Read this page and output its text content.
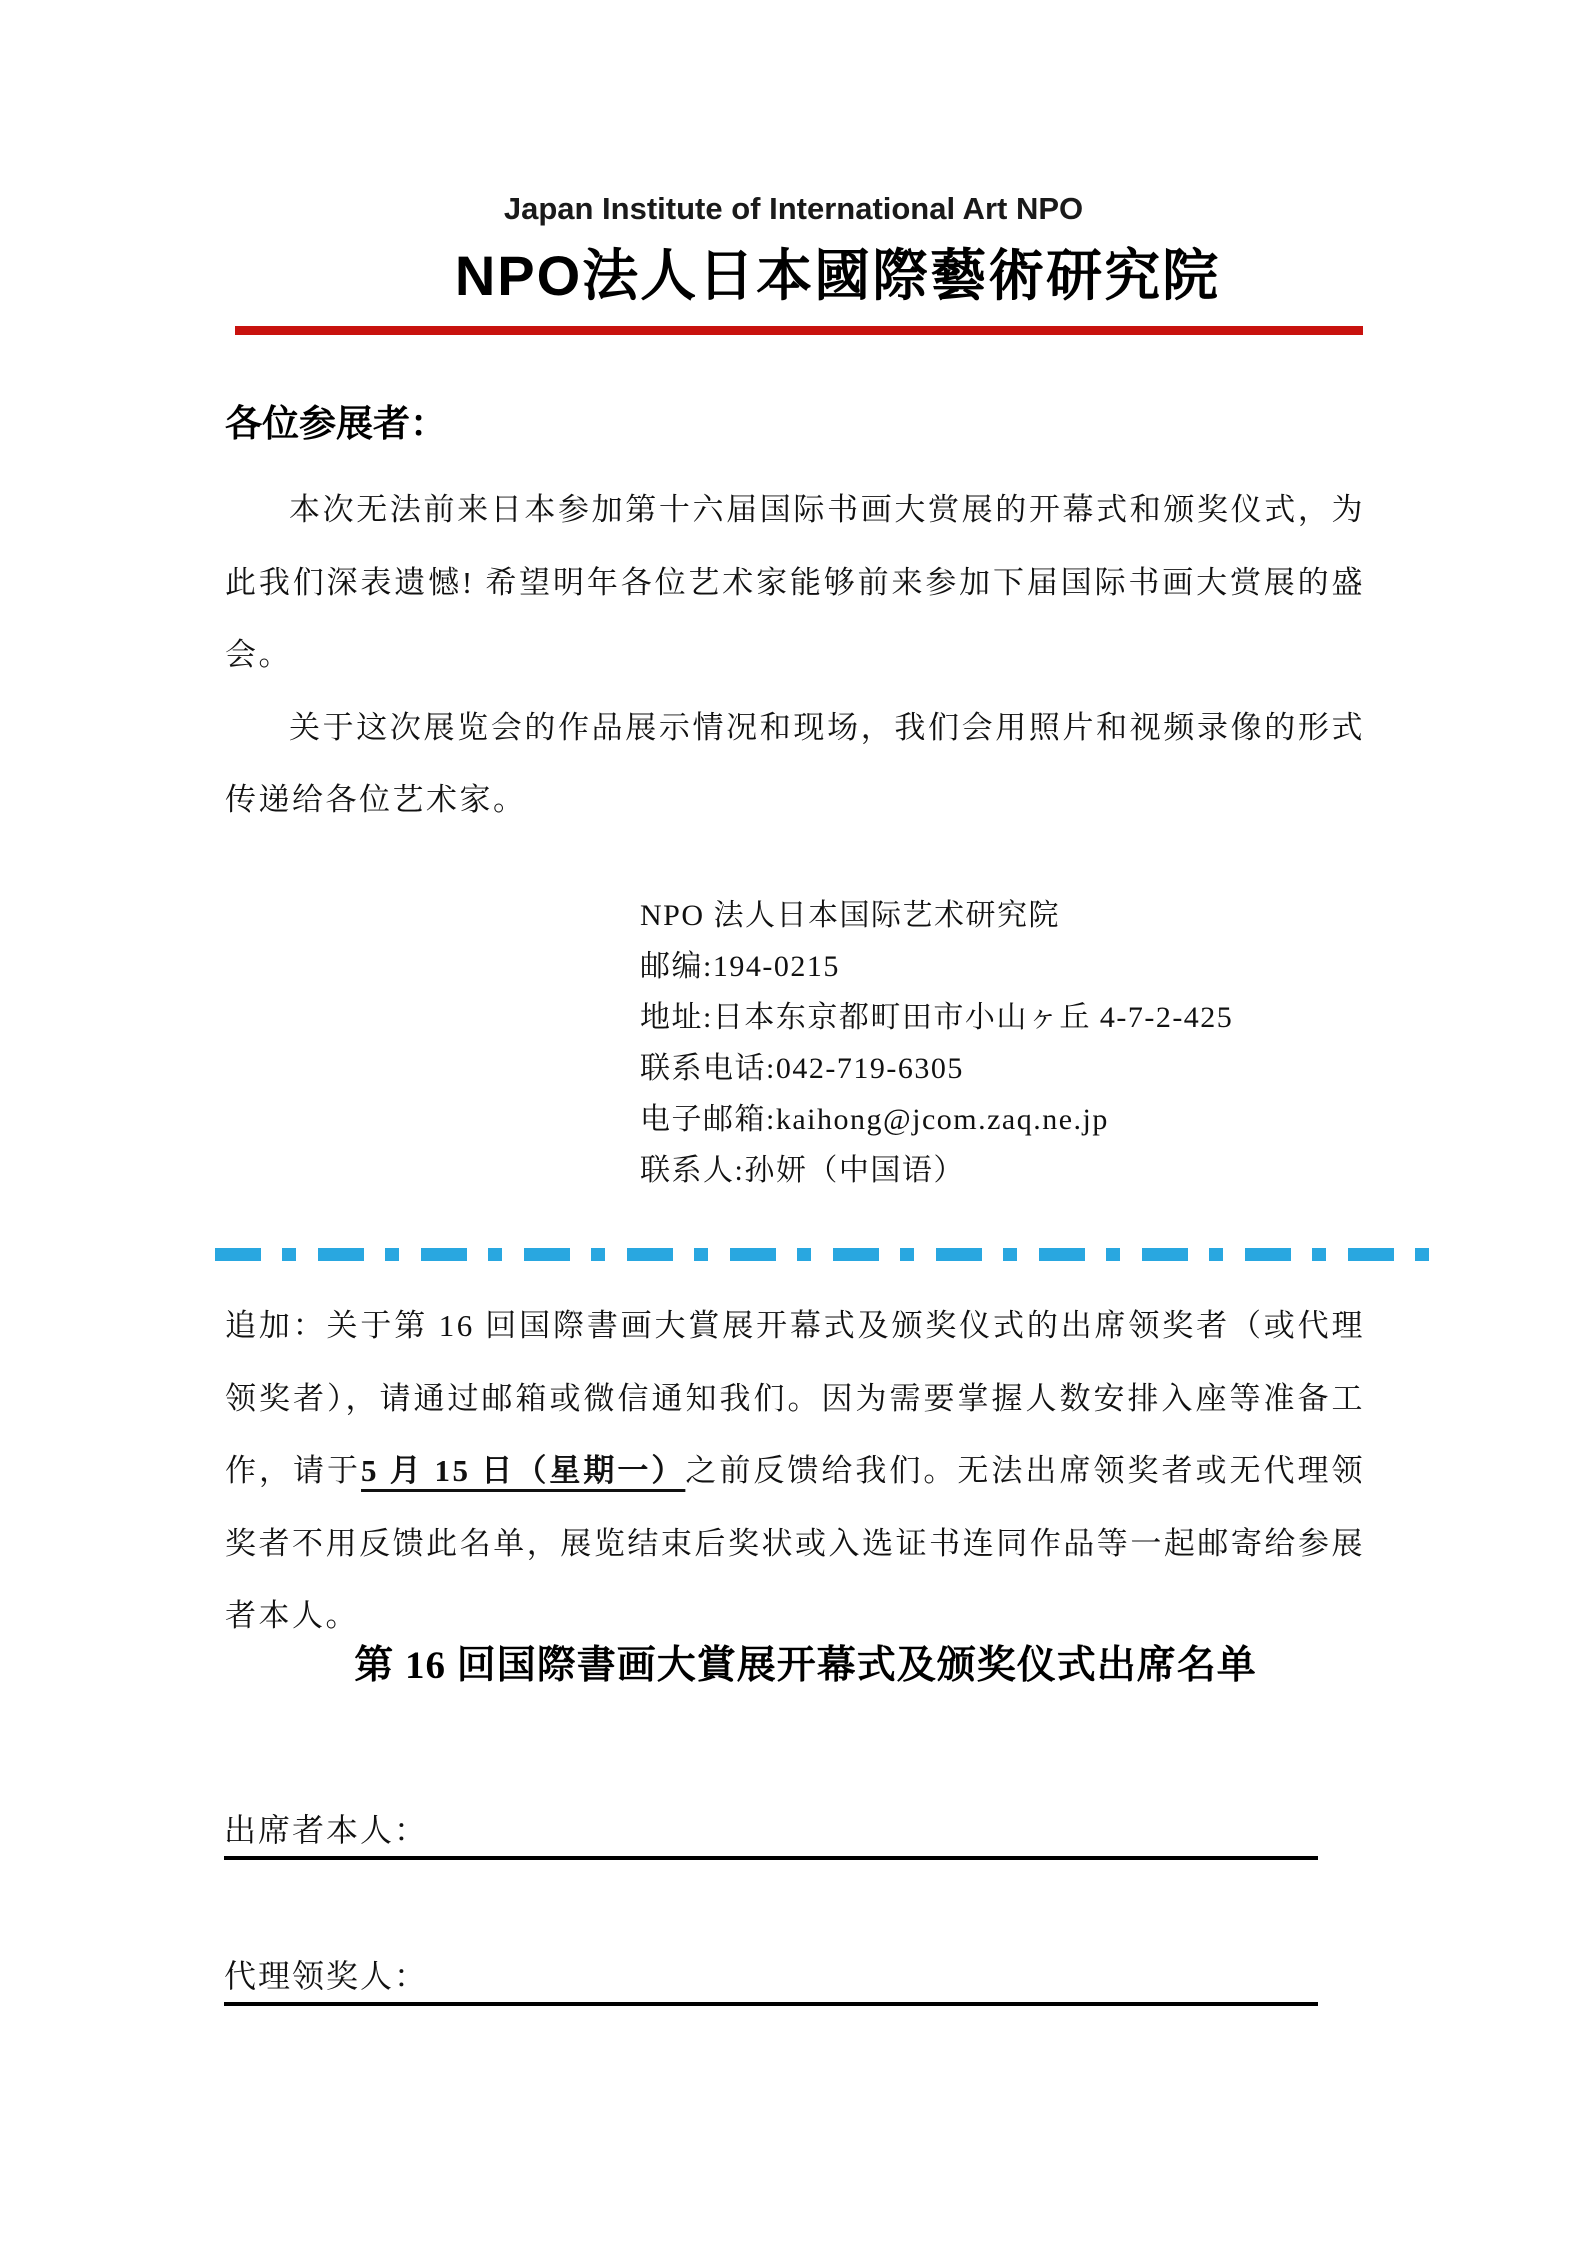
Japan Institute of International Art NPO
NPO法人日本國際藝術研究院
各位参展者：

本次无法前来日本参加第十六届国际书画大赏展的开幕式和颁奖仪式，为此我们深表遗憾! 希望明年各位艺术家能够前来参加下届国际书画大赏展的盛会。

关于这次展览会的作品展示情况和现场，我们会用照片和视频录像的形式传递给各位艺术家。

NPO 法人日本国际艺术研究院
邮编:194-0215
地址:日本东京都町田市小山ヶ丘 4-7-2-425
联系电话:042-719-6305
电子邮箱:kaihong@jcom.zaq.ne.jp
联系人:孙妍（中国语）
追加：关于第 16 回国際書画大賞展开幕式及颁奖仪式的出席领奖者（或代理领奖者），请通过邮箱或微信通知我们。因为需要掌握人数安排入座等准备工作，请于5 月 15 日（星期一）之前反馈给我们。无法出席领奖者或无代理领奖者不用反馈此名单，展览结束后奖状或入选证书连同作品等一起邮寄给参展者本人。
第 16 回国際書画大賞展开幕式及颁奖仪式出席名单
出席者本人：
代理领奖人：
